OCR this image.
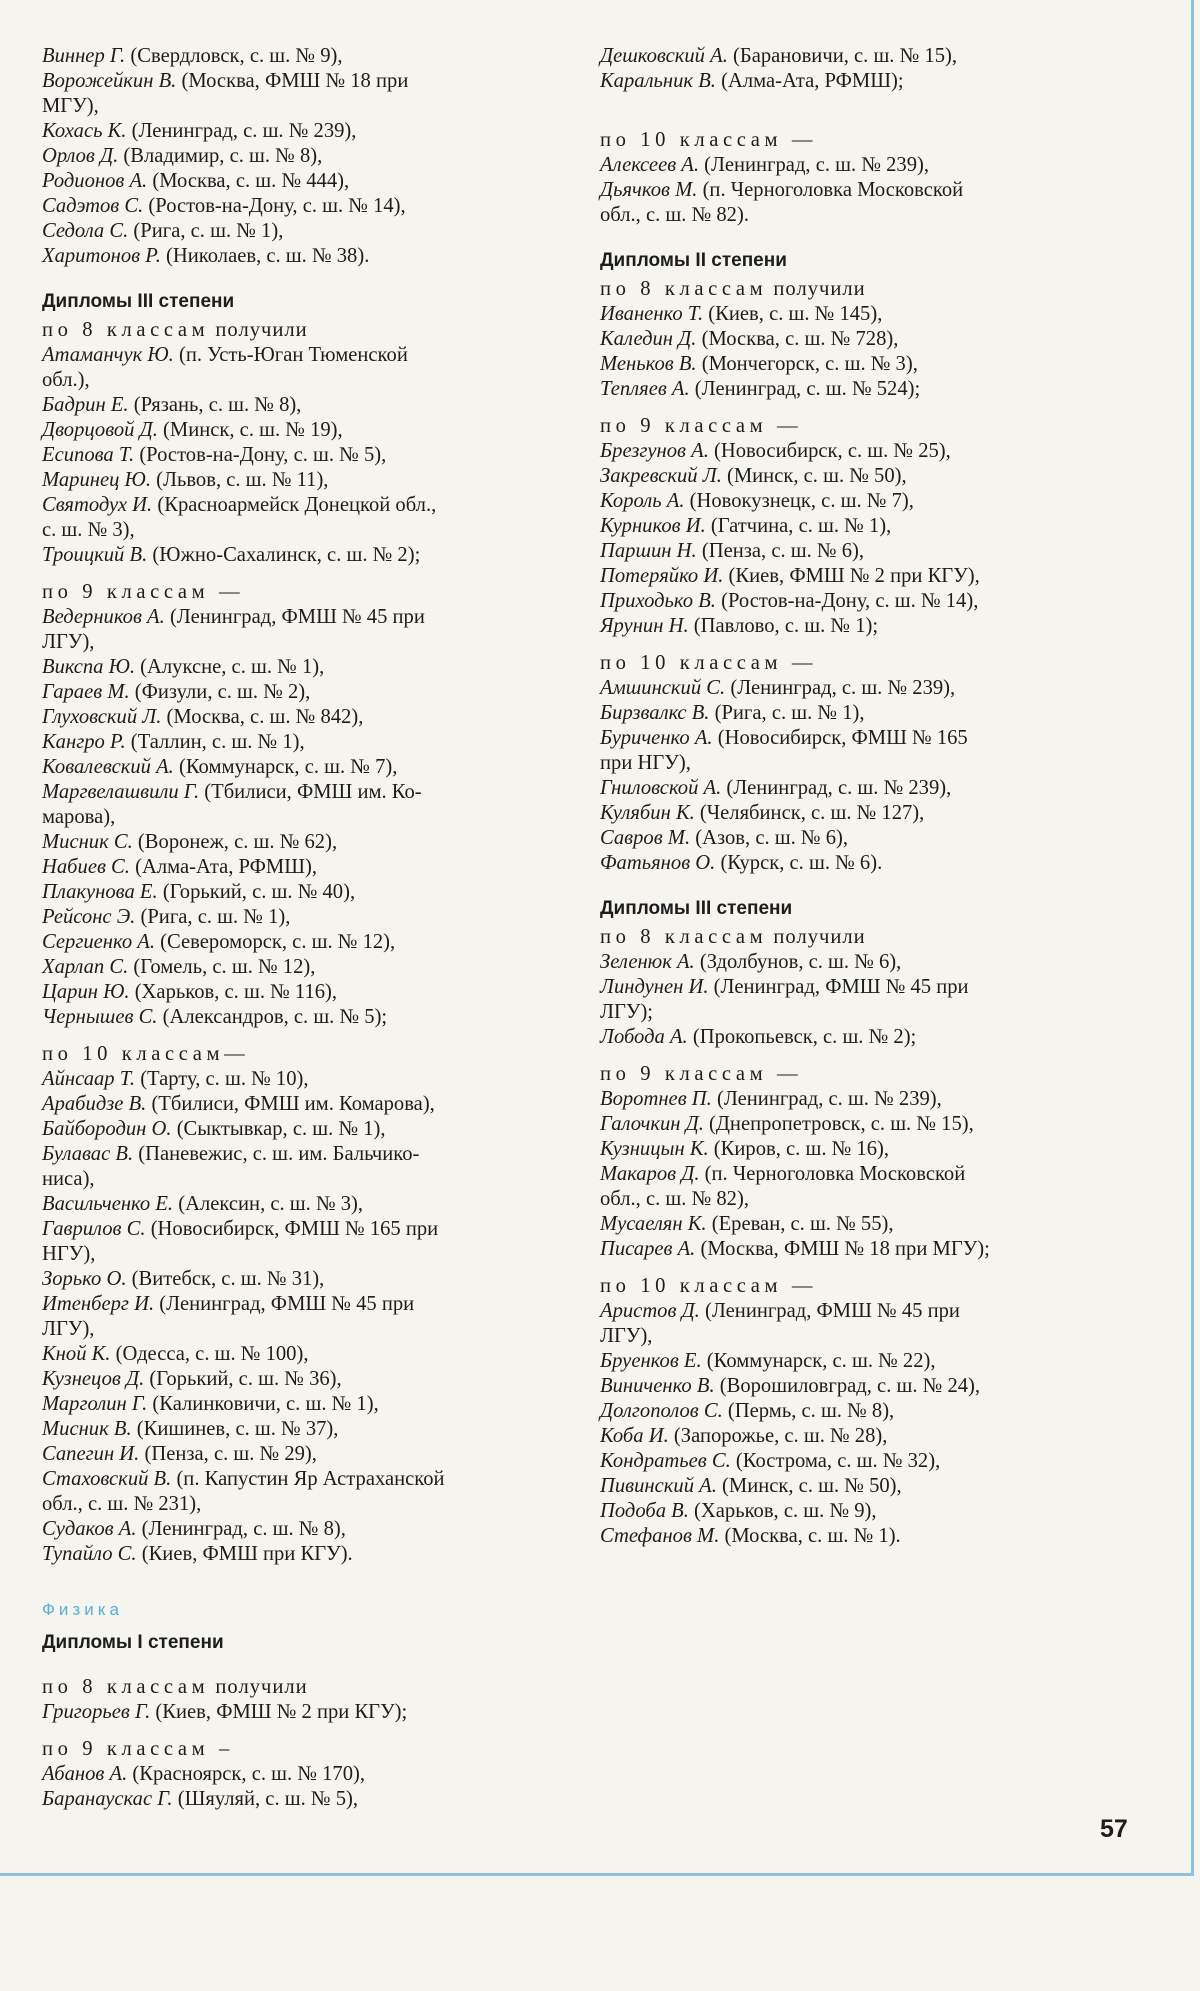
Виннер Г. (Свердловск, с. ш. № 9),

Ворожейкин В. (Москва, ФМШ № 18 при

МГУ),

Кохась К. (Ленинград, с. ш. № 239),

Орлов Д. (Владимир, с. ш. № 8),

Родионов А. (Москва, с. ш. № 444),

Садэтов С. (Ростов-на-Дону, с. ш. № 14),

Седола С. (Рига, с. ш. № 1),

Харитонов Р. (Николаев, с. ш. № 38).

Дипломы III степени

по 8 классам получили

Атаманчук Ю. (п. Усть-Юган Тюменской

обл.),

Бадрин Е. (Рязань, с. ш. № 8),

Дворцовой Д. (Минск, с. ш. № 19),

Есипова Т. (Ростов-на-Дону, с. ш. № 5),

Маринец Ю. (Львов, с. ш. № 11),

Святодух И. (Красноармейск Донецкой обл.,

с. ш. № 3),

Троицкий В. (Южно-Сахалинск, с. ш. № 2);

по 9 классам —

Ведерников А. (Ленинград, ФМШ № 45 при

ЛГУ),

Викспа Ю. (Алуксне, с. ш. № 1),

Гараев М. (Физули, с. ш. № 2),

Глуховский Л. (Москва, с. ш. № 842),

Кангро Р. (Таллин, с. ш. № 1),

Ковалевский А. (Коммунарск, с. ш. № 7),

Маргвелашвили Г. (Тбилиси, ФМШ им. Ко-

марова),

Мисник С. (Воронеж, с. ш. № 62),

Набиев С. (Алма-Ата, РФМШ),

Плакунова Е. (Горький, с. ш. № 40),

Рейсонс Э. (Рига, с. ш. № 1),

Сергиенко А. (Североморск, с. ш. № 12),

Харлап С. (Гомель, с. ш. № 12),

Царин Ю. (Харьков, с. ш. № 116),

Чернышев С. (Александров, с. ш. № 5);

по 10 классам—

Айнсаар Т. (Тарту, с. ш. № 10),

Арабидзе В. (Тбилиси, ФМШ им. Комарова),

Байбородин О. (Сыктывкар, с. ш. № 1),

Булавас В. (Паневежис, с. ш. им. Бальчико-

ниса),

Васильченко Е. (Алексин, с. ш. № 3),

Гаврилов С. (Новосибирск, ФМШ № 165 при

НГУ),

Зорько О. (Витебск, с. ш. № 31),

Итенберг И. (Ленинград, ФМШ № 45 при

ЛГУ),

Кной К. (Одесса, с. ш. № 100),

Кузнецов Д. (Горький, с. ш. № 36),

Марголин Г. (Калинковичи, с. ш. № 1),

Мисник В. (Кишинев, с. ш. № 37),

Сапегин И. (Пенза, с. ш. № 29),

Стаховский В. (п. Капустин Яр Астраханской

обл., с. ш. № 231),

Судаков А. (Ленинград, с. ш. № 8),

Тупайло С. (Киев, ФМШ при КГУ).

Физика

Дипломы I степени

по 8 классам получили

Григорьев Г. (Киев, ФМШ № 2 при КГУ);

по 9 классам –

Абанов А. (Красноярск, с. ш. № 170),

Баранаускас Г. (Шяуляй, с. ш. № 5),

Дешковский А. (Барановичи, с. ш. № 15),

Каральник В. (Алма-Ата, РФМШ);

по 10 классам —

Алексеев А. (Ленинград, с. ш. № 239),

Дьячков М. (п. Черноголовка Московской

обл., с. ш. № 82).

Дипломы II степени

по 8 классам получили

Иваненко Т. (Киев, с. ш. № 145),

Каледин Д. (Москва, с. ш. № 728),

Меньков В. (Мончегорск, с. ш. № 3),

Тепляев А. (Ленинград, с. ш. № 524);

по 9 классам —

Брезгунов А. (Новосибирск, с. ш. № 25),

Закревский Л. (Минск, с. ш. № 50),

Король А. (Новокузнецк, с. ш. № 7),

Курников И. (Гатчина, с. ш. № 1),

Паршин Н. (Пенза, с. ш. № 6),

Потеряйко И. (Киев, ФМШ № 2 при КГУ),

Приходько В. (Ростов-на-Дону, с. ш. № 14),

Ярунин Н. (Павлово, с. ш. № 1);

по 10 классам —

Амшинский С. (Ленинград, с. ш. № 239),

Бирзвалкс В. (Рига, с. ш. № 1),

Буриченко А. (Новосибирск, ФМШ № 165

при НГУ),

Гниловской А. (Ленинград, с. ш. № 239),

Кулябин К. (Челябинск, с. ш. № 127),

Савров М. (Азов, с. ш. № 6),

Фатьянов О. (Курск, с. ш. № 6).

Дипломы III степени

по 8 классам получили

Зеленюк А. (Здолбунов, с. ш. № 6),

Линдунен И. (Ленинград, ФМШ № 45 при

ЛГУ);

Лобода А. (Прокопьевск, с. ш. № 2);

по 9 классам —

Воротнев П. (Ленинград, с. ш. № 239),

Галочкин Д. (Днепропетровск, с. ш. № 15),

Кузницын К. (Киров, с. ш. № 16),

Макаров Д. (п. Черноголовка Московской

обл., с. ш. № 82),

Мусаелян К. (Ереван, с. ш. № 55),

Писарев А. (Москва, ФМШ № 18 при МГУ);

по 10 классам —

Аристов Д. (Ленинград, ФМШ № 45 при

ЛГУ),

Бруенков Е. (Коммунарск, с. ш. № 22),

Виниченко В. (Ворошиловград, с. ш. № 24),

Долгополов С. (Пермь, с. ш. № 8),

Коба И. (Запорожье, с. ш. № 28),

Кондратьев С. (Кострома, с. ш. № 32),

Пивинский А. (Минск, с. ш. № 50),

Подоба В. (Харьков, с. ш. № 9),

Стефанов М. (Москва, с. ш. № 1).

57
